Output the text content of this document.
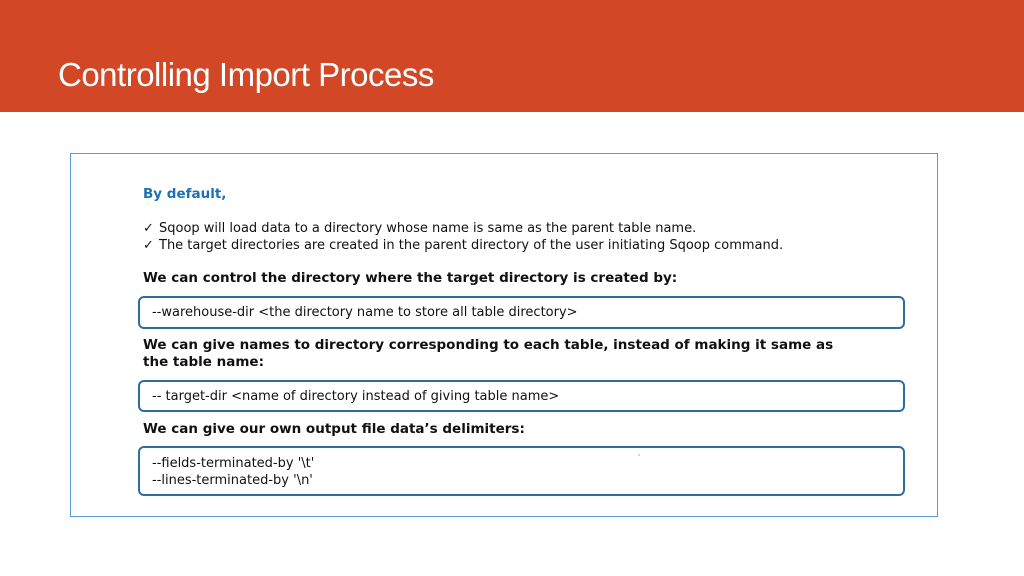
Controlling Import Process
By default,
✓ Sqoop will load data to a directory whose name is same as the parent table name.
✓ The target directories are created in the parent directory of the user initiating Sqoop command.
We can control the directory where the target directory is created by:
--warehouse-dir <the directory name to store all table directory>
We can give names to directory corresponding to each table, instead of making it same as
the table name:
-- target-dir <name of directory instead of giving table name>
We can give our own output file data’s delimiters:
--fields-terminated-by '\t'
--lines-terminated-by '\n'
